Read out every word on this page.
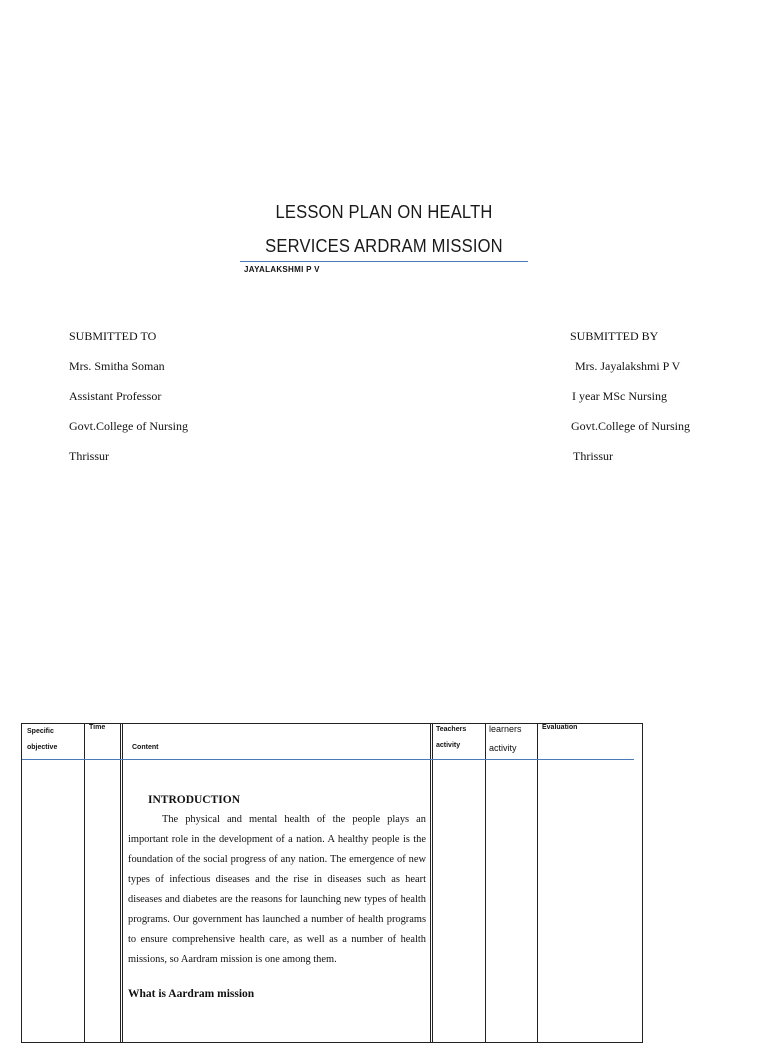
LESSON PLAN ON HEALTH
SERVICES ARDRAM MISSION
JAYALAKSHMI P V
SUBMITTED TO
Mrs. Smitha Soman
Assistant Professor
Govt.College of Nursing
Thrissur
SUBMITTED BY
Mrs. Jayalakshmi P V
I year MSc Nursing
Govt.College of Nursing
Thrissur
Specific
objective
Time
Content
Teachers
activity
learners
activity
Evaluation
INTRODUCTION
The physical and mental health of the people plays an important role in the development of a nation. A healthy people is the foundation of the social progress of any nation. The emergence of new types of infectious diseases and the rise in diseases such as heart diseases and diabetes are the reasons for launching new types of health programs. Our government has launched a number of health programs to ensure comprehensive health care, as well as a number of health missions, so Aardram mission is one among them.
What is Aardram mission
